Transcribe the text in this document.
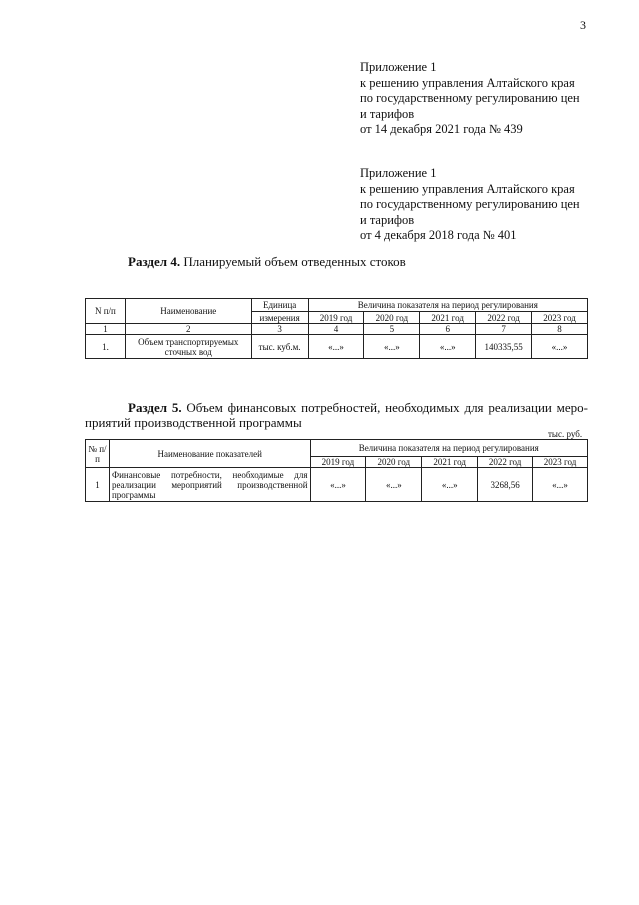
3
Приложение 1
к решению управления Алтайского края
по государственному регулированию цен
и тарифов
от 14 декабря 2021 года № 439
Приложение 1
к решению управления Алтайского края
по государственному регулированию цен
и тарифов
от 4 декабря 2018 года № 401
Раздел 4. Планируемый объем отведенных стоков
N п/п	Наименование	Единица	Величина показателя на период регулирования				
		измерения	2019 год	2020 год	2021 год	2022 год	2023 год
1	2	3	4	5	6	7	8
1.	Объем транспортируемых сточных вод	тыс. куб.м.	«...»	«...»	«...»	140335,55	«...»
Раздел 5. Объем финансовых потребностей, необходимых для реализации меро-
приятий производственной программы
тыс. руб.
№ п/п	Наименование показателей	Величина показателя на период регулирования				
		2019 год	2020 год	2021 год	2022 год	2023 год
1	Финансовые потребности, необходимые для реализации мероприятий производственной программы	«...»	«...»	«...»	3268,56	«...»
